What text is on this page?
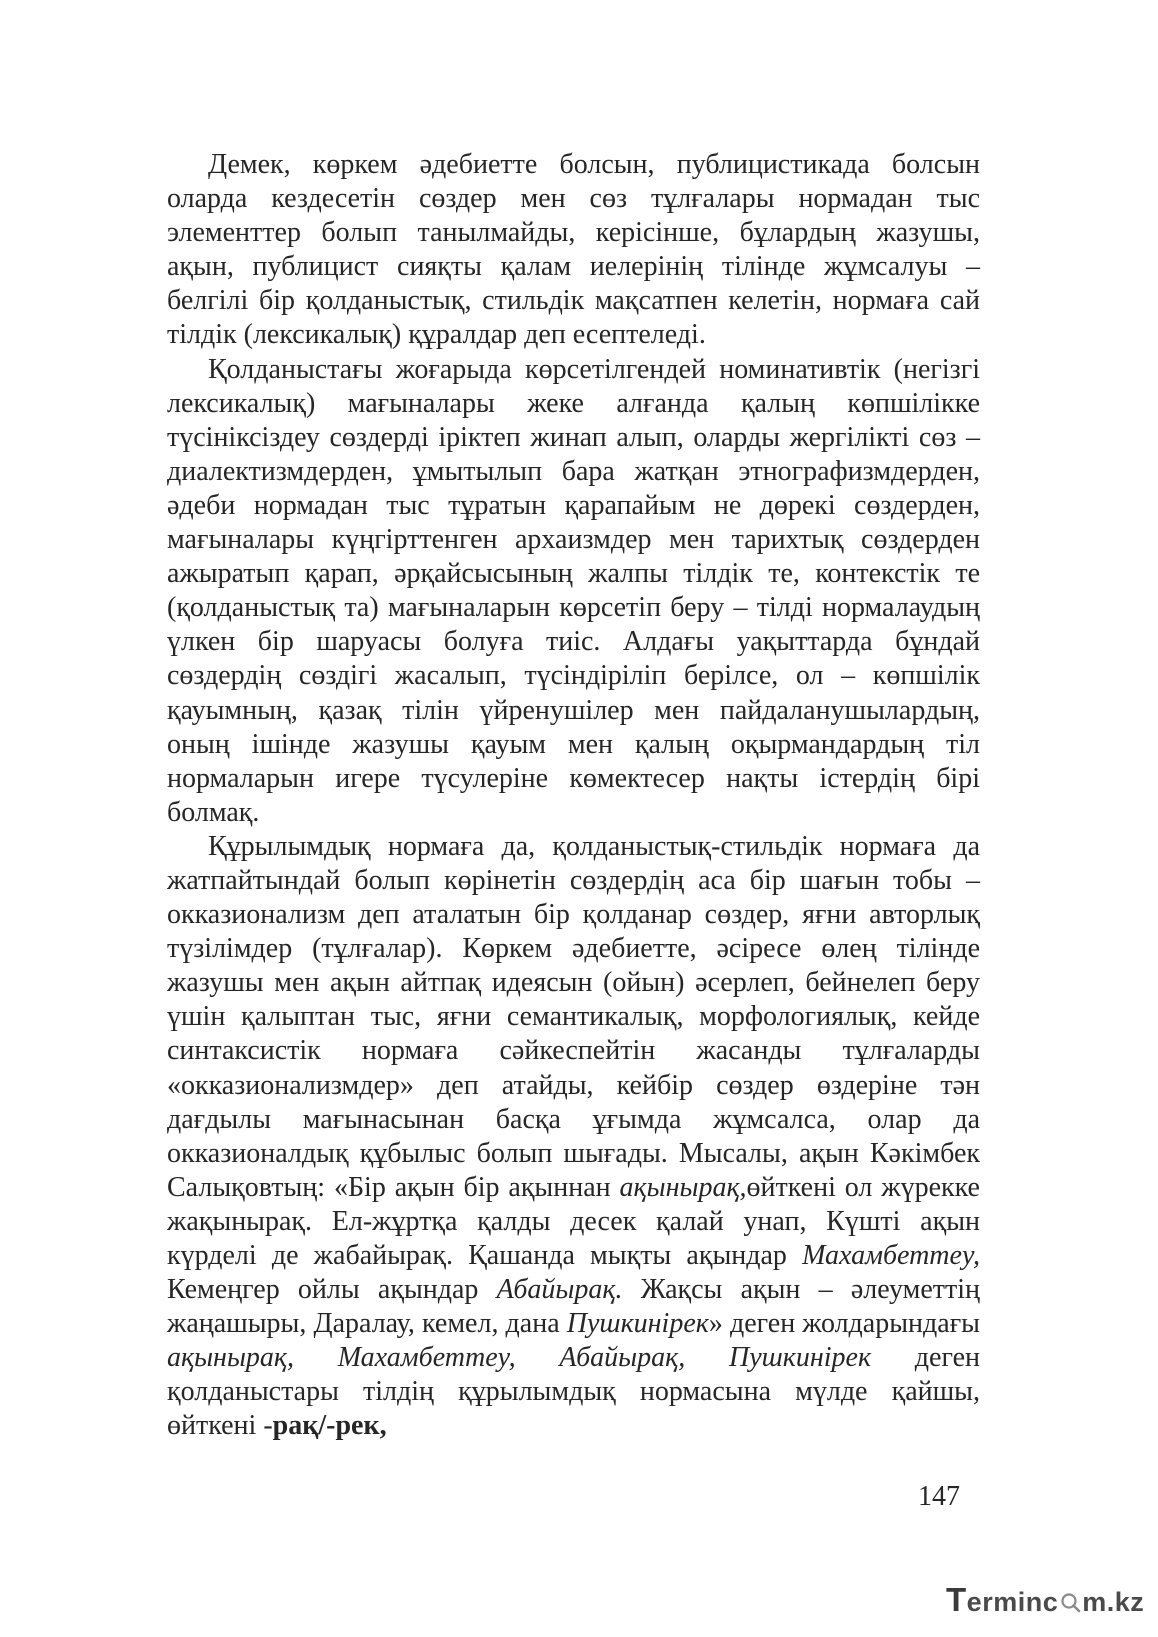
Демек, көркем әдебиетте болсын, публицистикада болсын оларда кездесетін сөздер мен сөз тұлғалары нормадан тыс элементтер болып танылмайды, керісінше, бұлардың жазушы, ақын, публицист сияқты қалам иелерінің тілінде жұмсалуы – белгілі бір қолданыстық, стильдік мақсатпен келетін, нормаға сай тілдік (лексикалық) құралдар деп есептеледі.

Қолданыстағы жоғарыда көрсетілгендей номинативтік (негізгі лексикалық) мағыналары жеке алғанда қалың көпшілікке түсініксіздеу сөздерді іріктеп жинап алып, оларды жергілікті сөз – диалектизмдерден, ұмытылып бара жатқан этнографизмдерден, әдеби нормадан тыс тұратын қарапайым не дөрекі сөздерден, мағыналары күңгірттенген архаизмдер мен тарихтық сөздерден ажыратып қарап, әрқайсысының жалпы тілдік те, контекстік те (қолданыстық та) мағыналарын көрсетіп беру – тілді нормалаудың үлкен бір шаруасы болуға тиіс. Алдағы уақыттарда бұндай сөздердің сөздігі жасалып, түсіндіріліп берілсе, ол – көпшілік қауымның, қазақ тілін үйренушілер мен пайдаланушылардың, оның ішінде жазушы қауым мен қалың оқырмандардың тіл нормаларын игере түсулеріне көмектесер нақты істердің бірі болмақ.

Құрылымдық нормаға да, қолданыстық-стильдік нормаға да жатпайтындай болып көрінетін сөздердің аса бір шағын тобы – окказионализм деп аталатын бір қолданар сөздер, яғни авторлық түзілімдер (тұлғалар). Көркем әдебиетте, әсіресе өлең тілінде жазушы мен ақын айтпақ идеясын (ойын) әсерлеп, бейнелеп беру үшін қалыптан тыс, яғни семантикалық, морфологиялық, кейде синтаксистік нормаға сәйкеспейтін жасанды тұлғаларды «окказионализмдер» деп атайды, кейбір сөздер өздеріне тән дағдылы мағынасынан басқа ұғымда жұмсалса, олар да окказионалдық құбылыс болып шығады. Мысалы, ақын Кәкімбек Салықовтың: «Бір ақын бір ақыннан ақынырақ,өйткені ол жүрекке жақынырақ. Ел-жұртқа қалды десек қалай унап, Күшті ақын күрделі де жабайырақ. Қашанда мықты ақындар Махамбеттеу, Кемеңгер ойлы ақындар Абайырақ. Жақсы ақын – әлеуметтің жаңашыры, Даралау, кемел, дана Пушкинірек» деген жолдарындағы ақынырақ, Махамбеттеу, Абайырақ, Пушкинірек деген қолданыстары тілдің құрылымдық нормасына мүлде қайшы, өйткені -рақ/-рек,

147
Terminc m.kz
